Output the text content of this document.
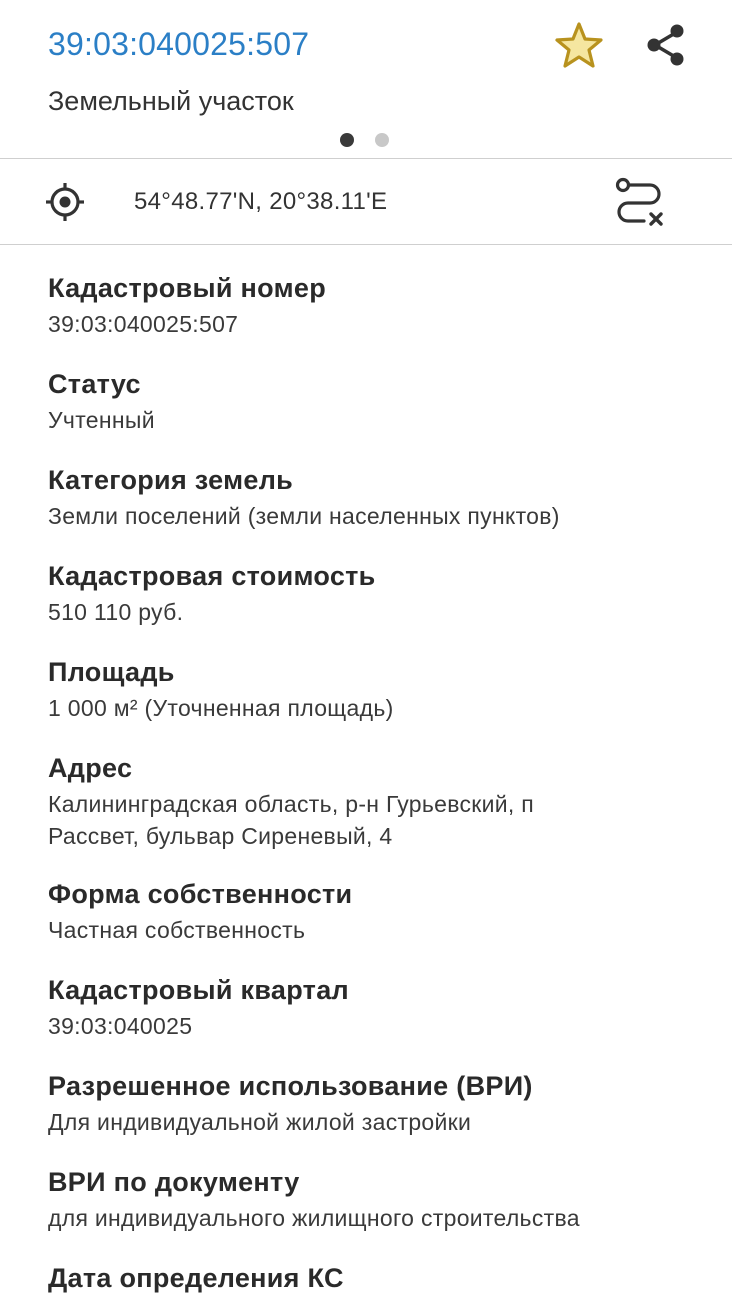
39:03:040025:507
Земельный участок
54°48.77'N, 20°38.11'E
Кадастровый номер
39:03:040025:507
Статус
Учтенный
Категория земель
Земли поселений (земли населенных пунктов)
Кадастровая стоимость
510 110 руб.
Площадь
1 000 м² (Уточненная площадь)
Адрес
Калининградская область, р-н Гурьевский, п Рассвет, бульвар Сиреневый, 4
Форма собственности
Частная собственность
Кадастровый квартал
39:03:040025
Разрешенное использование (ВРИ)
Для индивидуальной жилой застройки
ВРИ по документу
для индивидуального жилищного строительства
Дата определения КС
